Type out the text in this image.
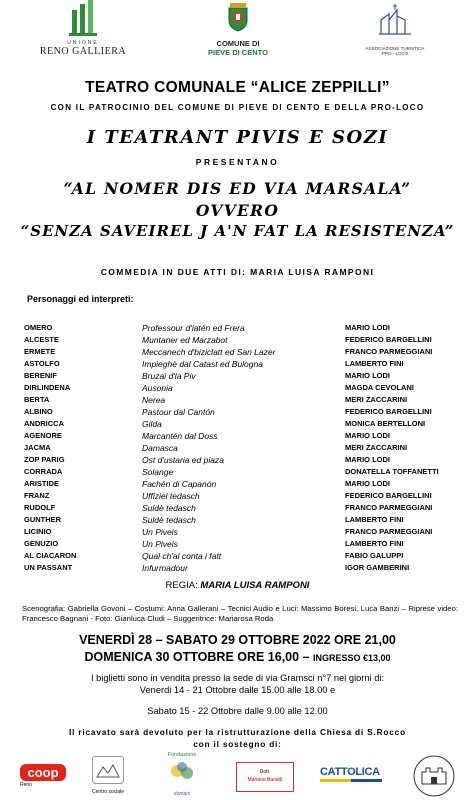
UNIONE
RENO GALLIERA
COMUNE DI
PIEVE DI CENTO	ASSOCIAZIONE TURISTICA
PRO - LOCO
TEATRO COMUNALE “ALICE ZEPPILLI”
CON IL PATROCINIO DEL COMUNE DI PIEVE DI CENTO E DELLA PRO-LOCO
I TEATRANT PIVIS E SOZI
PRESENTANO
“AL NOMER DIS ED VIA MARSALA”
OVVERO
“SENZA SAVEIREL J A'N FAT LA RESISTENZA”
COMMEDIA IN DUE ATTI DI: MARIA LUISA RAMPONI
Personaggi ed interpreti:
OMERO	Professour d'iatén ed Frera	MARIO LODI
ALCESTE	Muntaner ed Marzabot	FEDERICO BARGELLINI
ERMETE	Meccanech d'biziclatt ed San Lazer	FRANCO PARMEGGIANI
ASTOLFO	Impieghè dal Catast ed Bulogna	LAMBERTO FINI
BERENIF	Bruzai d'la Piv	MARIO LODI
DIRLINDENA	Ausonia	MAGDA CEVOLANI
BERTA	Nerea	MERI ZACCARINI
ALBINO	Pastour dal Cantón	FEDERICO BARGELLINI
ANDRICCA	Gilda	MONICA BERTELLONI
AGENORE	Marcantén dal Doss	MARIO LODI
JACMA	Damasca	MERI ZACCARINI
ZOP PARIG	Ost d'ustaria ed piaza	MARIO LODI
CORRADA	Solange	DONATELLA TOFFANETTI
ARISTIDE	Fachén di Capanón	MARIO LODI
FRANZ	Uffiziel tedasch	FEDERICO BARGELLINI
RUDOLF	Suldè tedasch	FRANCO PARMEGGIANI
GUNTHER	Suldè tedasch	LAMBERTO FINI
LICINIO	Un Piveis	FRANCO PARMEGGIANI
GENUZIO	Un Piveis	LAMBERTO FINI
AL CIACARON	Qual ch'al conta i fatt	FABIO GALUPPI
UN PASSANT	Infurmadour	IGOR GAMBERINI
REGIA: MARIA LUISA RAMPONI
Scenografia: Gabriella Govoni – Costumi: Anna Gallerani – Tecnici Audio e Luci: Massimo Boresi, Luca Banzi – Riprese video: Francesco Bagnani - Foto: Gianluca Cludi – Suggeritrice: Mariarosa Roda
VENERDÌ 28 – SABATO 29 OTTOBRE 2022 ORE 21,00
DOMENICA 30 OTTOBRE ORE 16,00 – INGRESSO €13,00
I biglietti sono in vendita presso la sede di via Gramsci n°7 nei giorni di:
Venerdi 14 - 21 Ottobre dalle 15.00 alle 18.00 e
Sabato 15 - 22 Ottobre dalle 9.00 alle 12.00
Il ricavato sarà devoluto per la ristrutturazione della Chiesa di S.Rocco
con il sostegno di:
coop
Reno
Centro sociale
Fondazione
domani
Dott.
Mariano Baraldi
CATTOLICA
